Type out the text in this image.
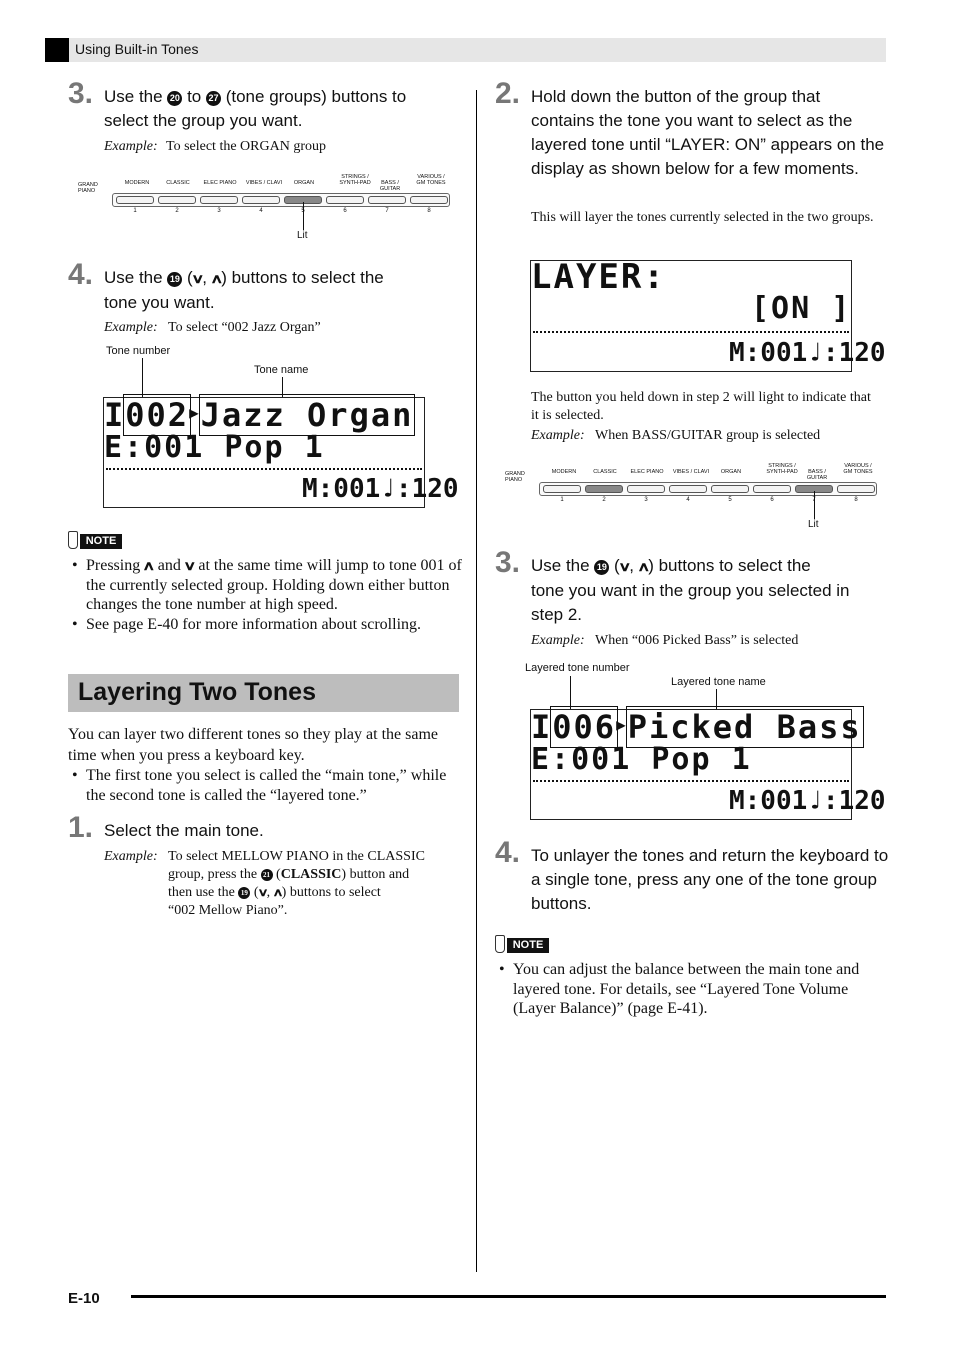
Using Built-in Tones
3. Use the 20 to 27 (tone groups) buttons to
select the group you want.
Example: To select the ORGAN group
GRAND PIANO
MODERN	CLASSIC	ELEC PIANO	VIBES / CLAVI	ORGAN
STRINGS / SYNTH-PAD	BASS / GUITAR
VARIOUS / GM TONES
1	2	3	4	6	7	8
Lit
4. Use the 19 (∨, ∧) buttons to select the
tone you want.
Example: To select “002 Jazz Organ”
Tone number
Tone name
I002▶Jazz Organ
E:001 Pop 1
M:001♩:120
NOTE
• Pressing ∧ and ∨ at the same time will jump to tone 001 of the currently selected group. Holding down either button changes the tone number at high speed.
• See page E-40 for more information about scrolling.
Layering Two Tones
You can layer two different tones so they play at the same time when you press a keyboard key.
• The first tone you select is called the “main tone,” while the second tone is called the “layered tone.”
1. Select the main tone.
Example: To select MELLOW PIANO in the CLASSIC
group, press the 21 (CLASSIC) button and
then use the 19 (∨, ∧) buttons to select
“002 Mellow Piano”.
2. Hold down the button of the group that contains the tone you want to select as the layered tone until “LAYER: ON” appears on the display as shown below for a few moments.
This will layer the tones currently selected in the two groups.
LAYER:
[ON ]
M:001♩:120
The button you held down in step 2 will light to indicate that it is selected.
Example: When BASS/GUITAR group is selected
GRAND PIANO
MODERN	CLASSIC	ELEC PIANO	VIBES / CLAVI	ORGAN
STRINGS / SYNTH-PAD	BASS / GUITAR
VARIOUS / GM TONES
1	2	3	4	5	6	8
Lit
3. Use the 19 (∨, ∧) buttons to select the
tone you want in the group you selected in
step 2.
Example: When “006 Picked Bass” is selected
Layered tone number
Layered tone name
I006▶Picked Bass
E:001 Pop 1
M:001♩:120
4. To unlayer the tones and return the keyboard to a single tone, press any one of the tone group buttons.
NOTE
• You can adjust the balance between the main tone and layered tone. For details, see “Layered Tone Volume (Layer Balance)” (page E-41).
E-10
